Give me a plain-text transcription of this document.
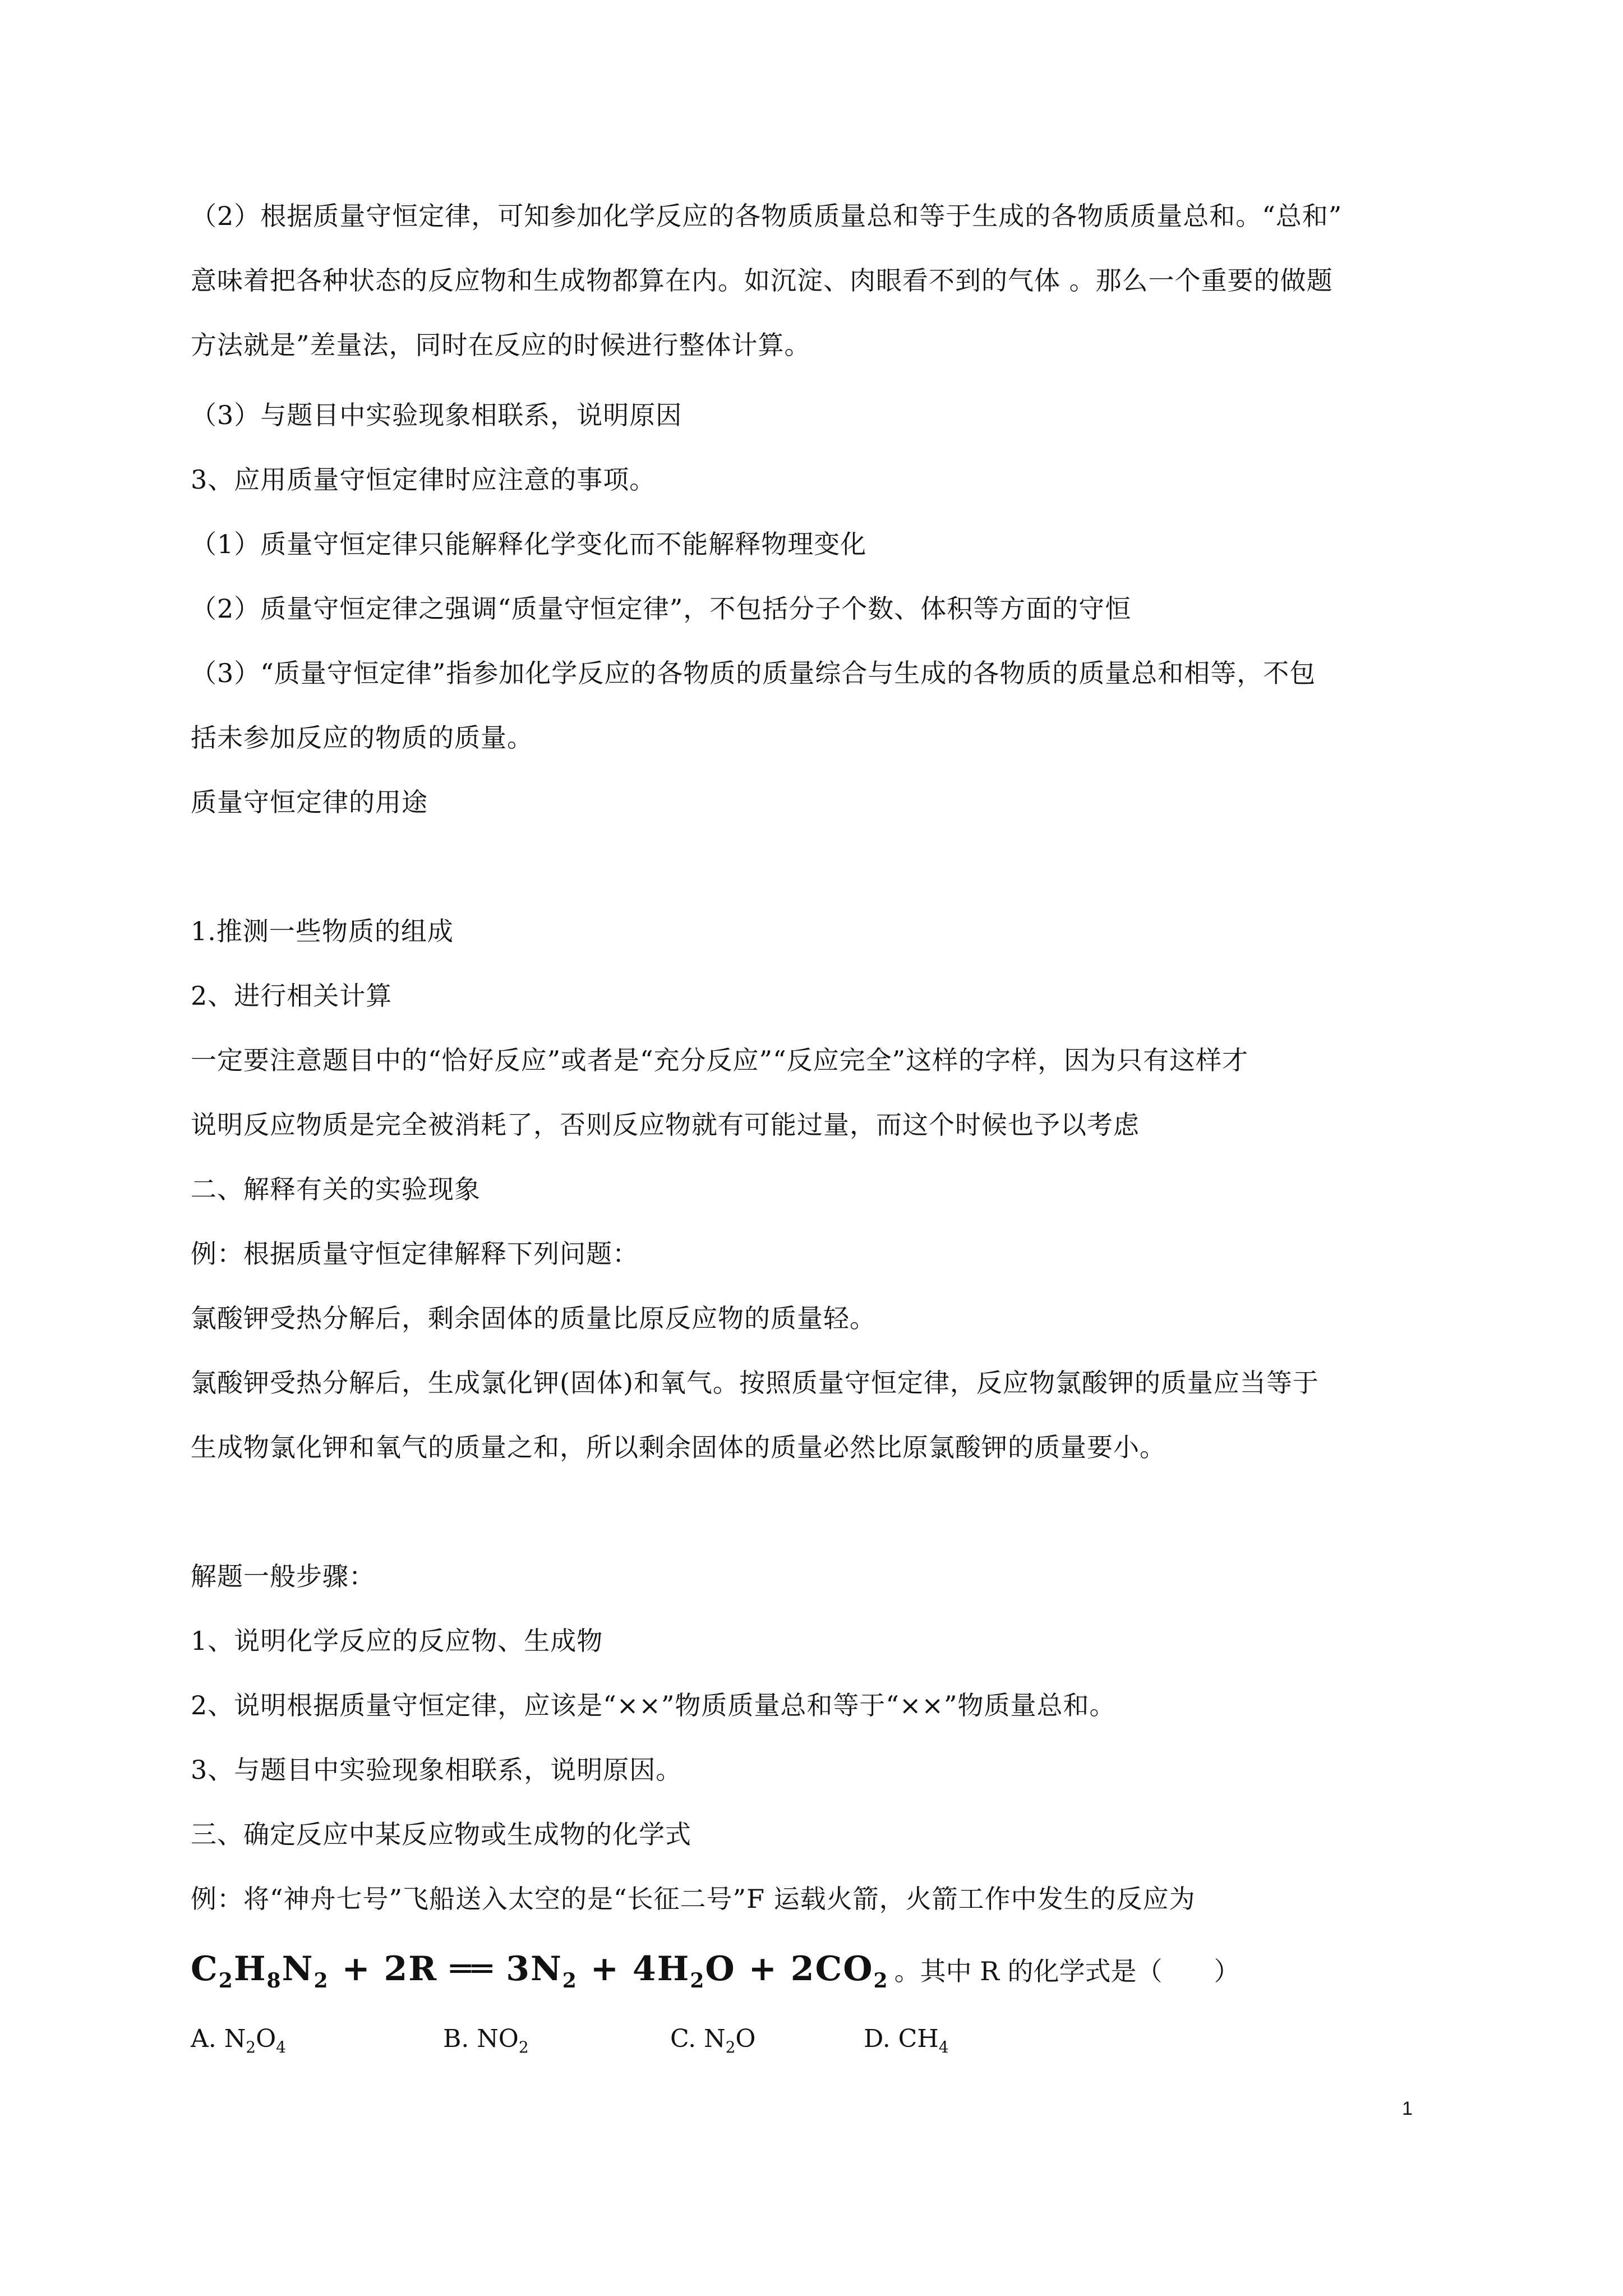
（2）根据质量守恒定律，可知参加化学反应的各物质质量总和等于生成的各物质质量总和。“总和”
意味着把各种状态的反应物和生成物都算在内。如沉淀、肉眼看不到的气体 。那么一个重要的做题
方法就是”差量法，同时在反应的时候进行整体计算。
（3）与题目中实验现象相联系，说明原因
3、应用质量守恒定律时应注意的事项。
（1）质量守恒定律只能解释化学变化而不能解释物理变化
（2）质量守恒定律之强调“质量守恒定律”，不包括分子个数、体积等方面的守恒
（3）“质量守恒定律”指参加化学反应的各物质的质量综合与生成的各物质的质量总和相等，不包
括未参加反应的物质的质量。
质量守恒定律的用途
1.推测一些物质的组成
2、进行相关计算
一定要注意题目中的“恰好反应”或者是“充分反应”“反应完全”这样的字样，因为只有这样才
说明反应物质是完全被消耗了，否则反应物就有可能过量，而这个时候也予以考虑
二、解释有关的实验现象
例：根据质量守恒定律解释下列问题：
氯酸钾受热分解后，剩余固体的质量比原反应物的质量轻。
氯酸钾受热分解后，生成氯化钾(固体)和氧气。按照质量守恒定律，反应物氯酸钾的质量应当等于
生成物氯化钾和氧气的质量之和，所以剩余固体的质量必然比原氯酸钾的质量要小。
解题一般步骤：
1、说明化学反应的反应物、生成物
2、说明根据质量守恒定律，应该是“××”物质质量总和等于“××”物质量总和。
3、与题目中实验现象相联系，说明原因。
三、确定反应中某反应物或生成物的化学式
例：将“神舟七号”飞船送入太空的是“长征二号”F 运载火箭，火箭工作中发生的反应为
$C_2H_8N_2 + 2R$ ══ $3N_2 + 4H_2O + 2CO_2$ 。其中 R 的化学式是（　　）
A. $N_2O_4$	B. $NO_2$	C. $N_2O$	D. $CH_4$
1
